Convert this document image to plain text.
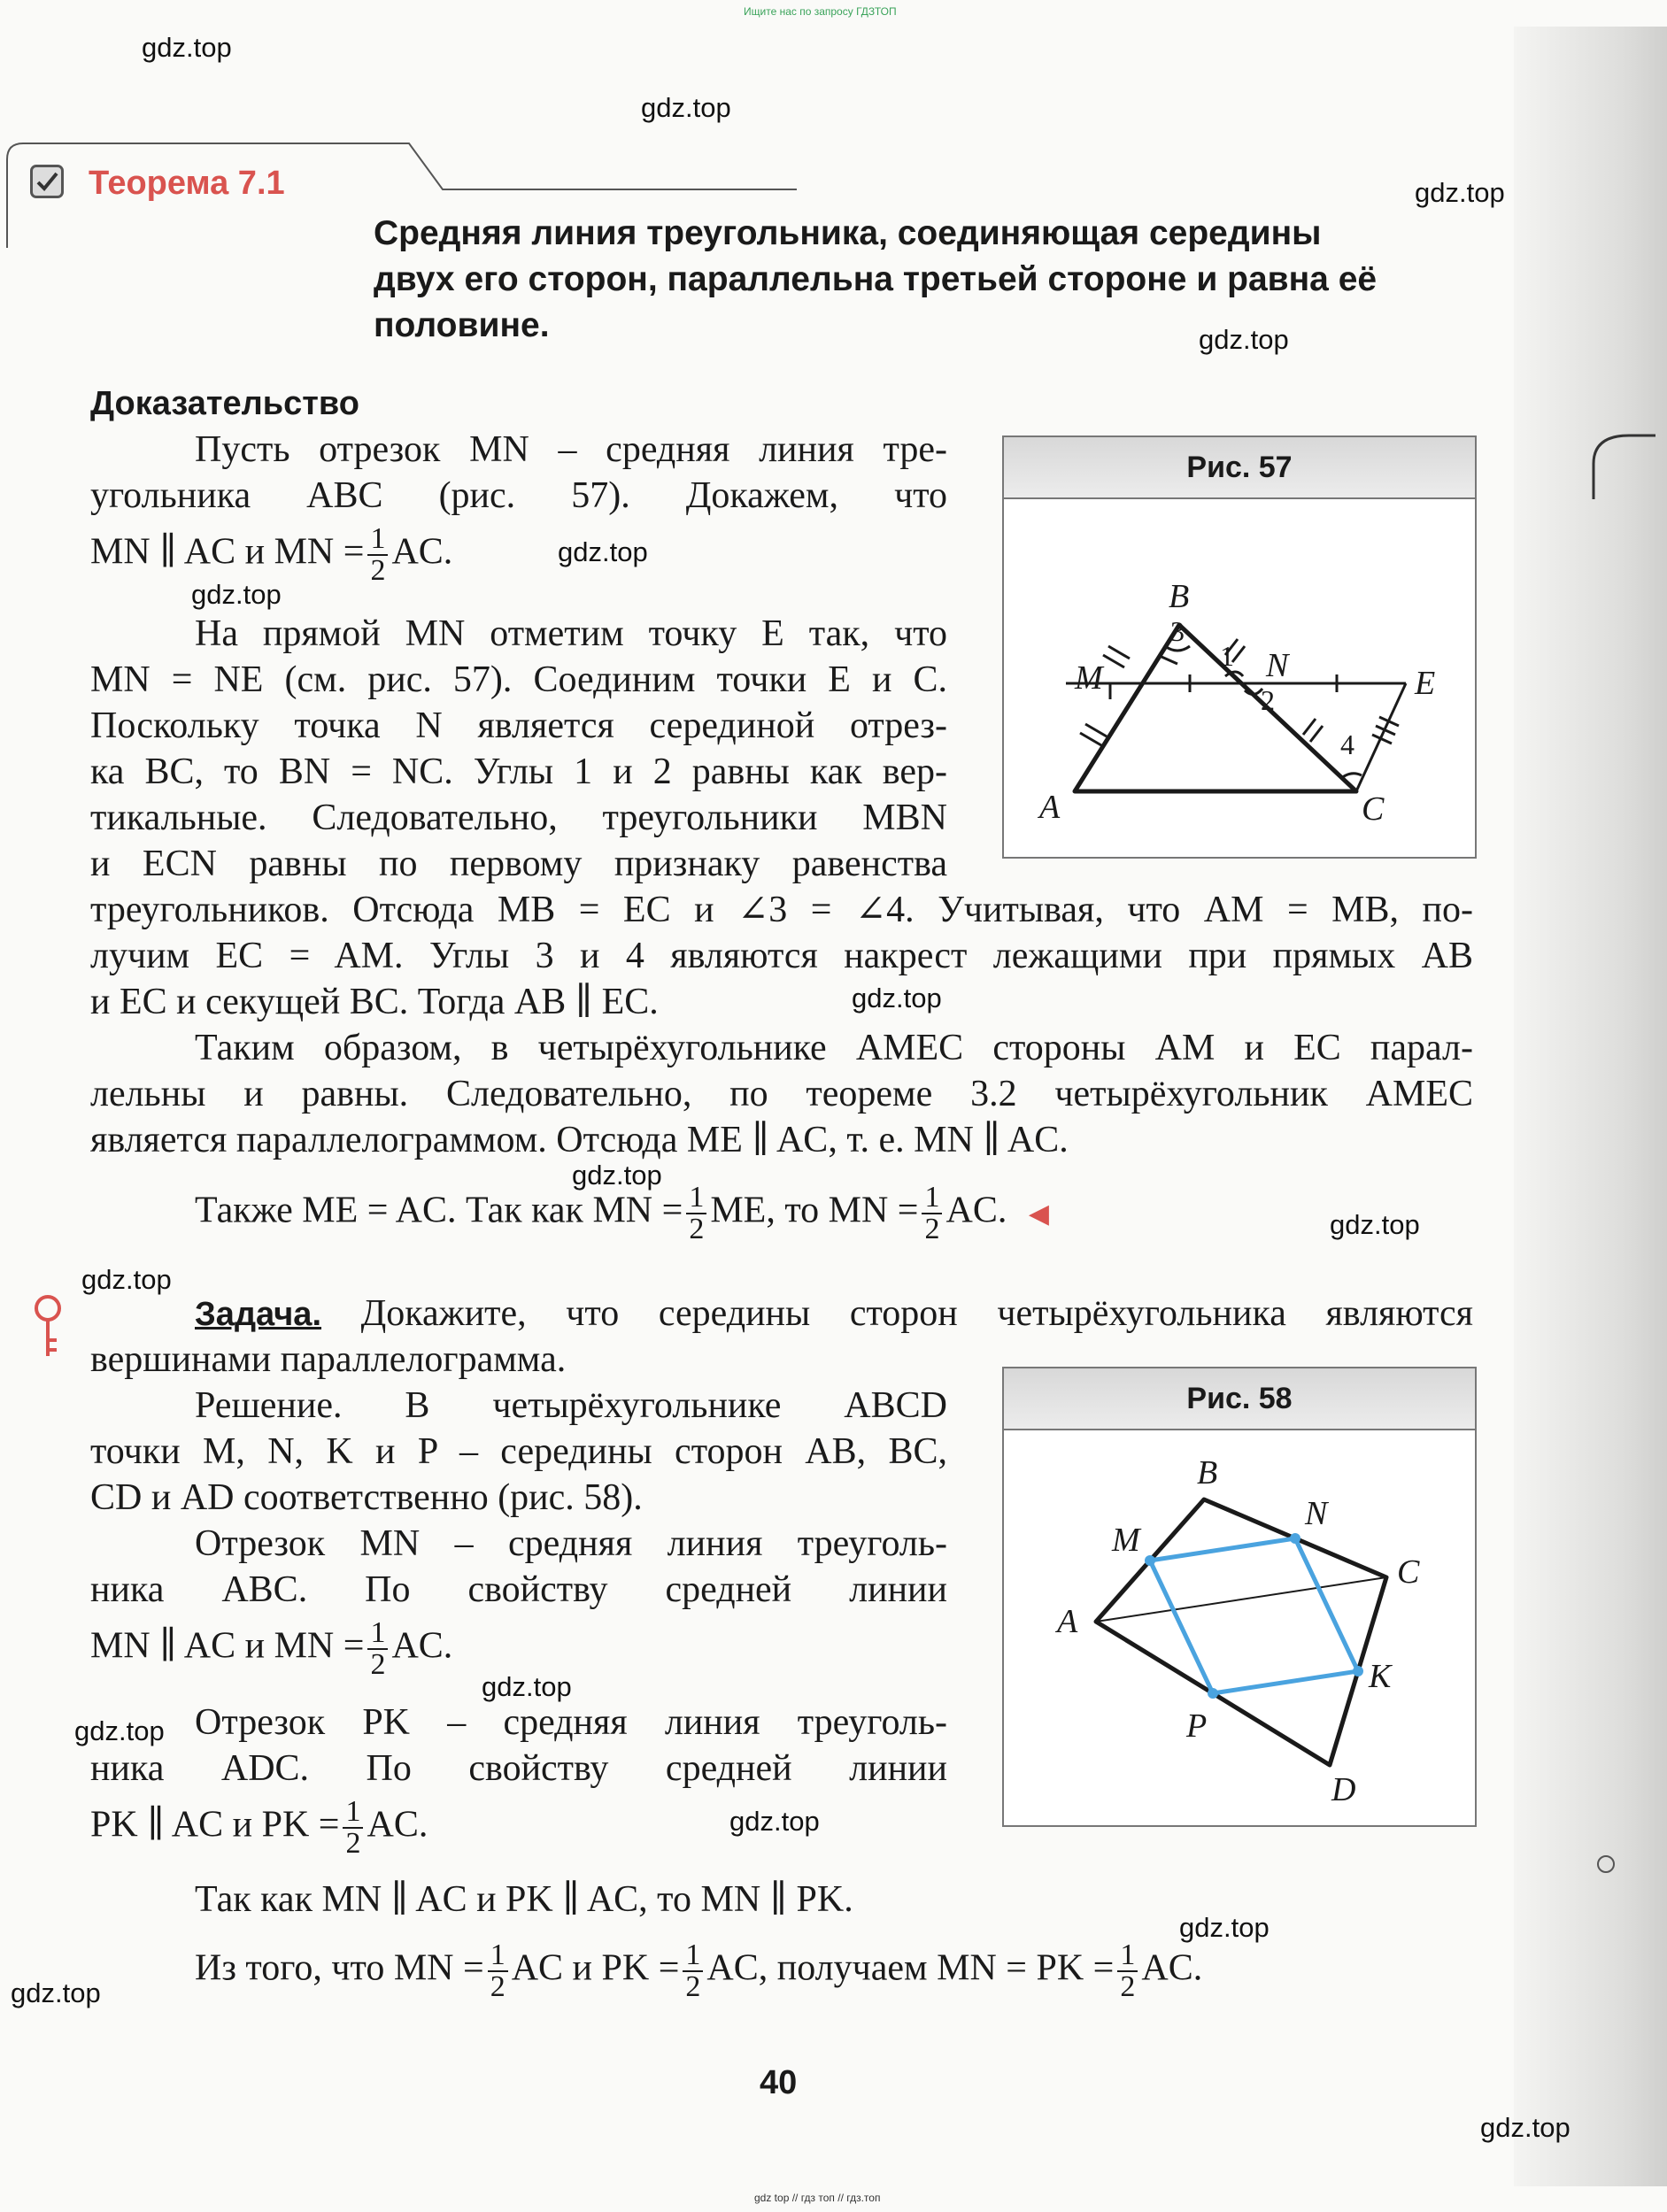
Ищите нас по запросу ГДЗТОП
gdz.top
gdz.top
gdz.top
gdz.top
gdz.top
gdz.top
gdz.top
gdz.top
gdz.top
gdz.top
gdz.top
gdz.top
gdz.top
gdz.top
gdz.top
gdz.top
Теорема 7.1
Средняя линия треугольника, соединяющая середины
двух его сторон, параллельна третьей стороне и равна её
половине.
Доказательство
Пусть отрезок MN – средняя линия тре-
угольника ABC (рис. 57). Докажем, что
MN ∥ AC и MN = $\frac{1}{2}$ AC.
На прямой MN отметим точку E так, что
MN = NE (см. рис. 57). Соединим точки E и C.
Поскольку точка N является серединой отрез-
ка BC, то BN = NC. Углы 1 и 2 равны как вер-
тикальные. Следовательно, треугольники MBN
и ECN равны по первому признаку равенства
треугольников. Отсюда MB = EC и ∠3 = ∠4. Учитывая, что AM = MB, по-
лучим EC = AM. Углы 3 и 4 являются накрест лежащими при прямых AB
и EC и секущей BC. Тогда AB ∥ EC.
Таким образом, в четырёхугольнике AMEC стороны AM и EC парал-
лельны и равны. Следовательно, по теореме 3.2 четырёхугольник AMEC
является параллелограммом. Отсюда ME ∥ AC, т. е. MN ∥ AC.
Также ME = AC. Так как MN = $\frac{1}{2}$ ME, то MN = $\frac{1}{2}$ AC. ◀
Рис. 57
B
A	C
M	N	E
3
1
2
4
Задача. Докажите, что середины сторон четырёхугольника являются
вершинами параллелограмма.
Решение. В четырёхугольнике ABCD
точки M, N, K и P – середины сторон AB, BC,
CD и AD соответственно (рис. 58).
Отрезок MN – средняя линия треуголь-
ника ABC. По свойству средней линии
MN ∥ AC и MN = $\frac{1}{2}$ AC.
Отрезок PK – средняя линия треуголь-
ника ADC. По свойству средней линии
PK ∥ AC и PK = $\frac{1}{2}$ AC.
Так как MN ∥ AC и PK ∥ AC, то MN ∥ PK.
Из того, что MN = $\frac{1}{2}$ AC и PK = $\frac{1}{2}$ AC, получаем MN = PK = $\frac{1}{2}$ AC.
Рис. 58
B
A
C
D
M
N
K
P
40
gdz top // гдз топ // гдз.топ
